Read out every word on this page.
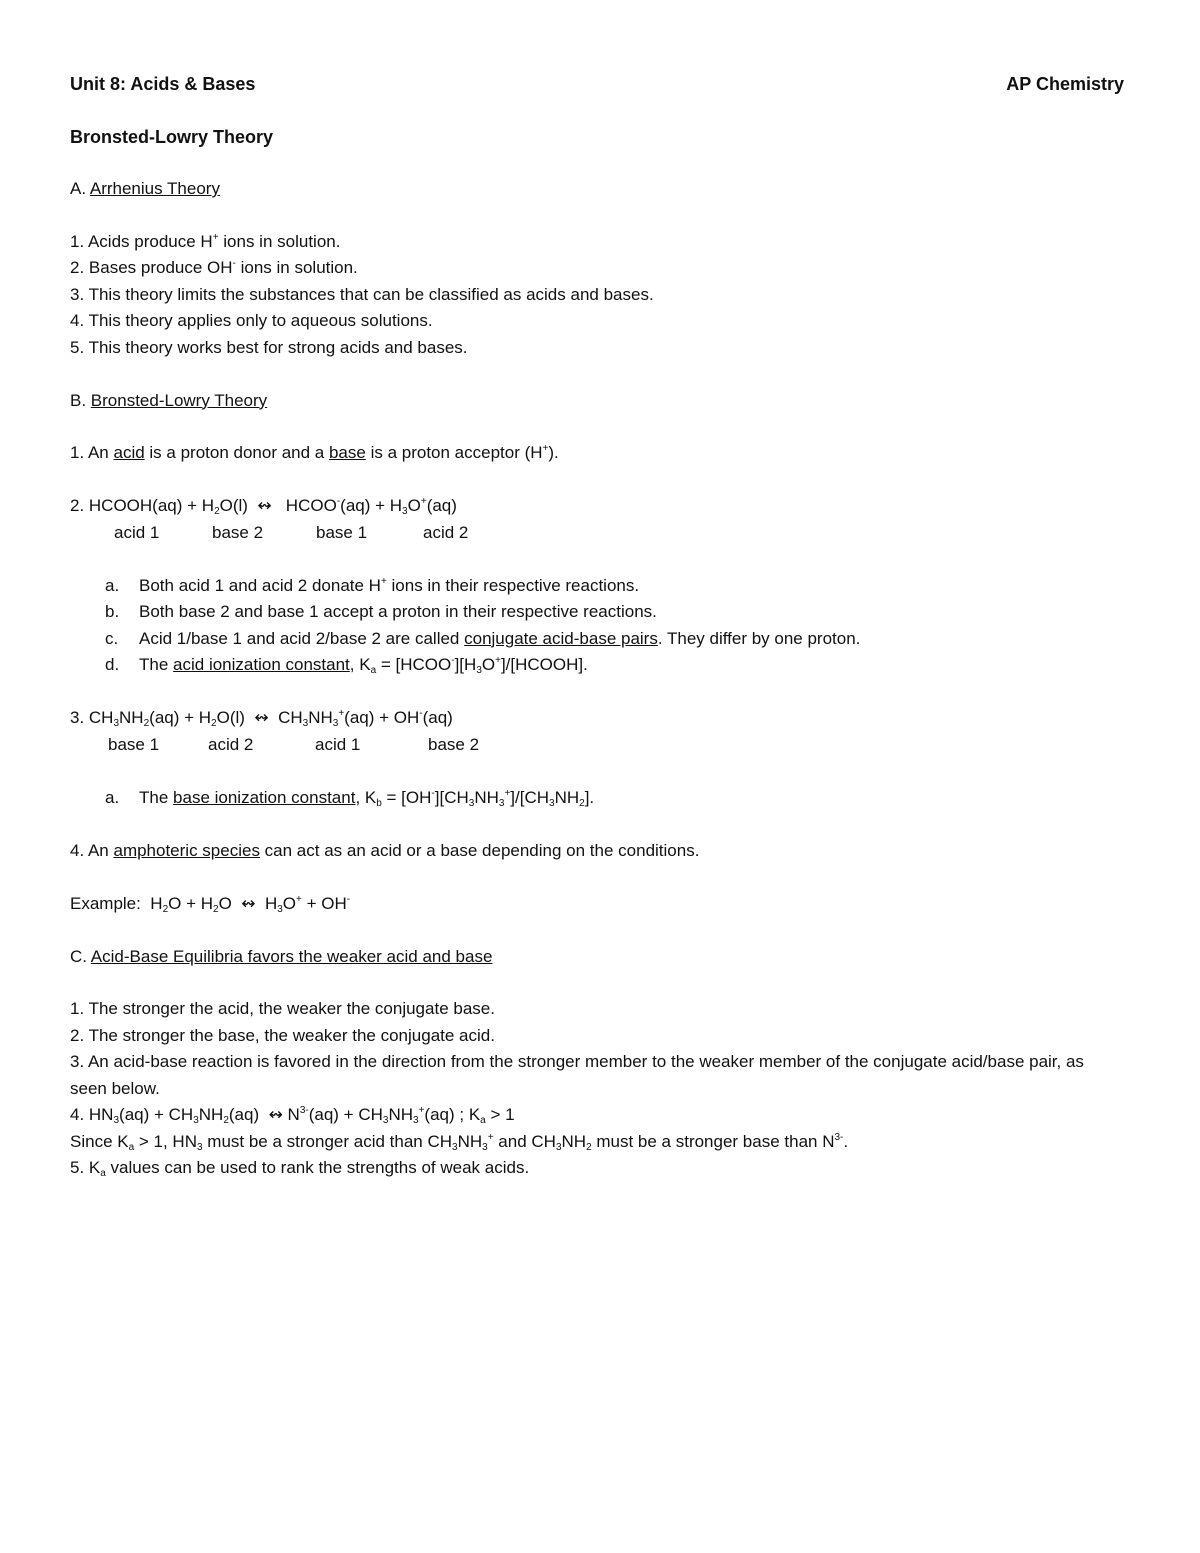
Unit 8: Acids & Bases	AP Chemistry
Bronsted-Lowry Theory
A. Arrhenius Theory
1. Acids produce H+ ions in solution.
2. Bases produce OH- ions in solution.
3. This theory limits the substances that can be classified as acids and bases.
4. This theory applies only to aqueous solutions.
5. This theory works best for strong acids and bases.
B. Bronsted-Lowry Theory
1. An acid is a proton donor and a base is a proton acceptor (H+).
2. HCOOH(aq) + $H_2O(l)$  ↭   HCOO-(aq) + $H_3O^+(aq)$
acid 1	base 2	base 1	acid 2
a.	Both acid 1 and acid 2 donate H+ ions in their respective reactions.
b.	Both base 2 and base 1 accept a proton in their respective reactions.
c.	Acid 1/base 1 and acid 2/base 2 are called conjugate acid-base pairs. They differ by one proton.
d.	The acid ionization constant, $K_a$ = $[HCOO^-][H_3O^+]/[HCOOH]$.
3. $CH_3NH_2(aq) + H_2O(l)$  ↭  $CH_3NH_3^+(aq) + OH^-(aq)$
base 1	acid 2	acid 1	base 2
a.	The base ionization constant, $K_b = [OH^-][CH_3NH_3^+]/[CH_3NH_2]$.
4. An amphoteric species can act as an acid or a base depending on the conditions.
Example:  $H_2O + H_2O$  ↭  $H_3O^+ + OH^-$
C. Acid-Base Equilibria favors the weaker acid and base
1. The stronger the acid, the weaker the conjugate base.
2. The stronger the base, the weaker the conjugate acid.
3. An acid-base reaction is favored in the direction from the stronger member to the weaker member of the conjugate acid/base pair, as seen below.
4. $HN_3(aq) + CH_3NH_2(aq)$  ↭ $N^{3-}(aq) + CH_3NH_3^+(aq)$ ; $K_a > 1$
Since $K_a > 1$, $HN_3$ must be a stronger acid than $CH_3NH_3^+$ and $CH_3NH_2$ must be a stronger base than $N^{3-}$.
5. $K_a$ values can be used to rank the strengths of weak acids.
